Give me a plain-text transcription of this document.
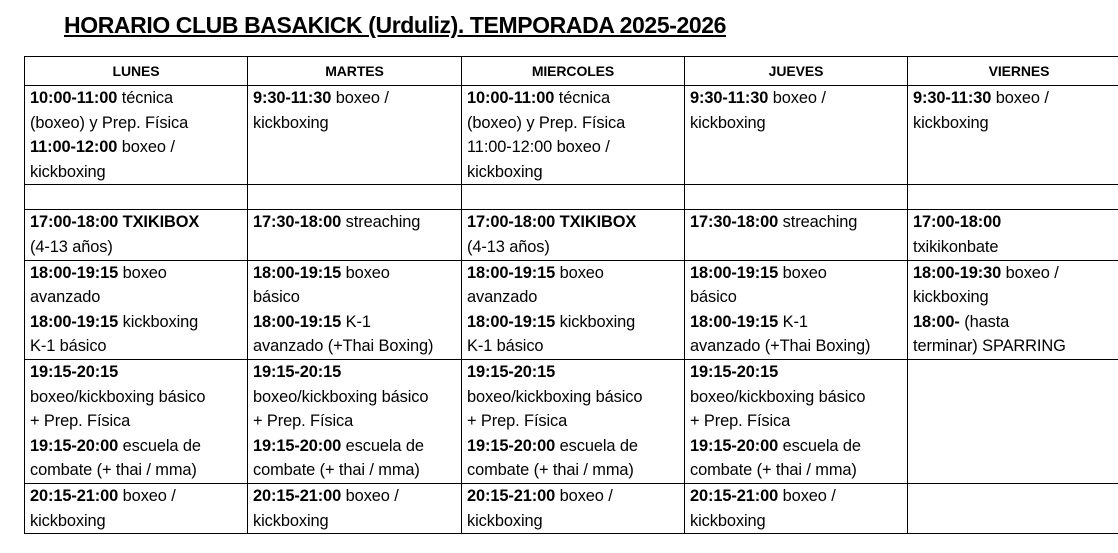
HORARIO CLUB BASAKICK (Urduliz). TEMPORADA 2025-2026
LUNES	MARTES	MIERCOLES	JUEVES	VIERNES

10:00-11:00 técnica
(boxeo) y Prep. Física
11:00-12:00 boxeo /
kickboxing	9:30-11:30 boxeo /
kickboxing	10:00-11:00 técnica
(boxeo) y Prep. Física
11:00-12:00 boxeo /
kickboxing	9:30-11:30 boxeo /
kickboxing	9:30-11:30 boxeo /
kickboxing

17:00-18:00 TXIKIBOX
(4-13 años)	17:30-18:00 streaching	17:00-18:00 TXIKIBOX
(4-13 años)	17:30-18:00 streaching	17:00-18:00
txikikonbate

18:00-19:15 boxeo
avanzado
18:00-19:15 kickboxing
K-1 básico	18:00-19:15 boxeo
básico
18:00-19:15 K-1
avanzado (+Thai Boxing)	18:00-19:15 boxeo
avanzado
18:00-19:15 kickboxing
K-1 básico	18:00-19:15 boxeo
básico
18:00-19:15 K-1
avanzado (+Thai Boxing)	18:00-19:30 boxeo /
kickboxing
18:00- (hasta
terminar) SPARRING

19:15-20:15
boxeo/kickboxing básico
+ Prep. Física
19:15-20:00 escuela de
combate (+ thai / mma)	19:15-20:15
boxeo/kickboxing básico
+ Prep. Física
19:15-20:00 escuela de
combate (+ thai / mma)	19:15-20:15
boxeo/kickboxing básico
+ Prep. Física
19:15-20:00 escuela de
combate (+ thai / mma)	19:15-20:15
boxeo/kickboxing básico
+ Prep. Física
19:15-20:00 escuela de
combate (+ thai / mma)	

20:15-21:00 boxeo /
kickboxing	20:15-21:00 boxeo /
kickboxing	20:15-21:00 boxeo /
kickboxing	20:15-21:00 boxeo /
kickboxing	
